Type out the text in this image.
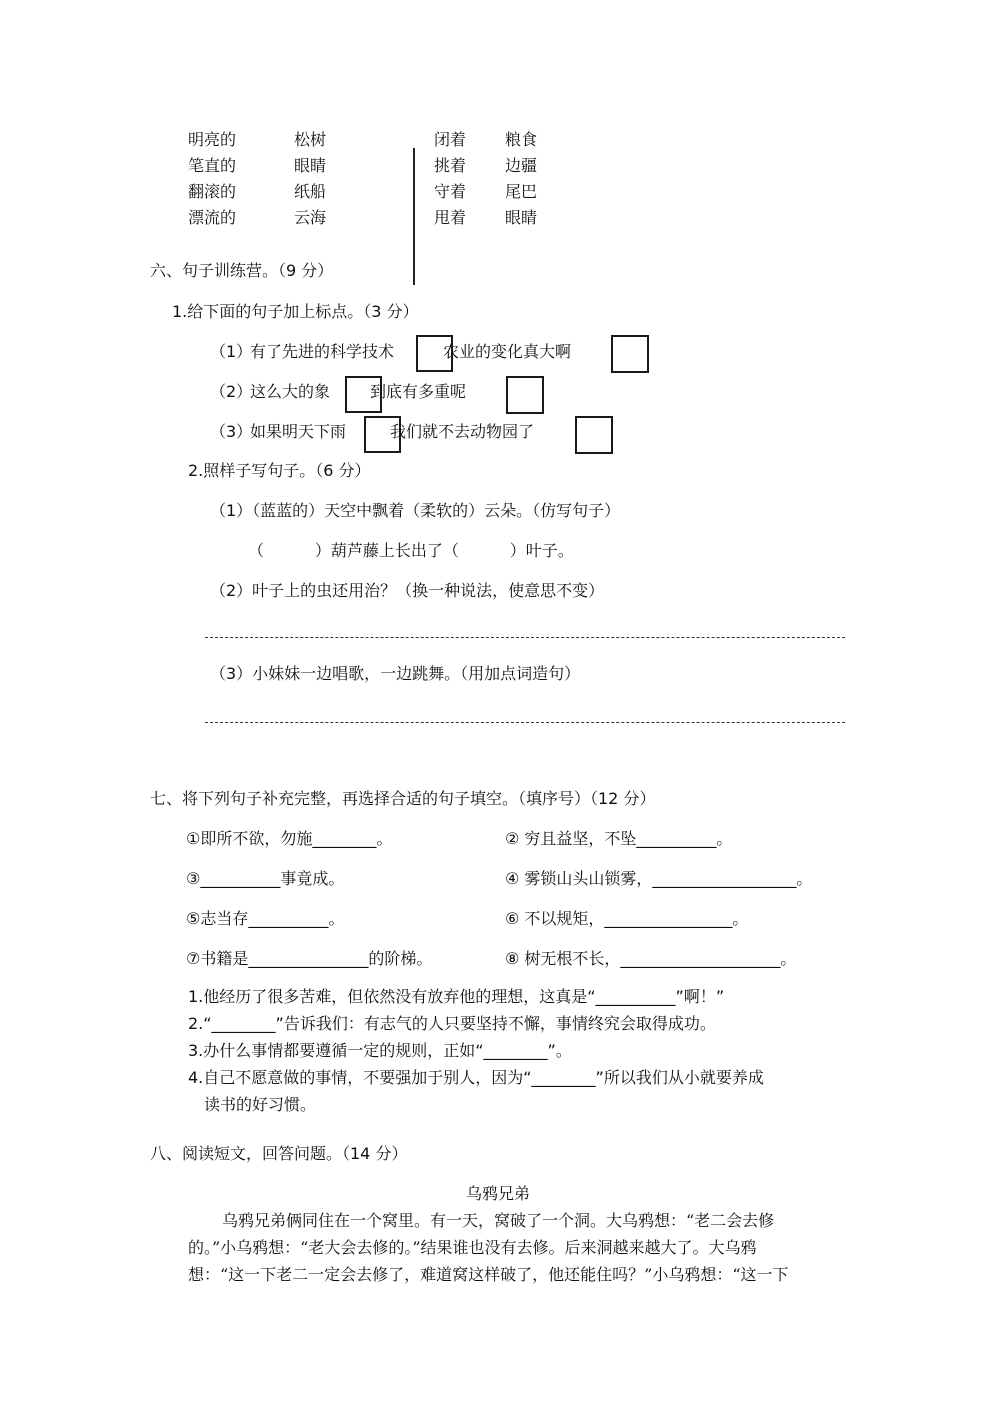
明亮的	松树
笔直的	眼睛
翻滚的	纸船
漂流的	云海
闭着 粮食
挑着 边疆
守着 尾巴
甩着 眼睛
六、句子训练营。（9 分）
1.给下面的句子加上标点。（3 分）
（1）
有了先进的科学技术	农业的变化真大啊
（2）
这么大的象 到底有多重呢
（3）
如果明天下雨	我们就不去动物园了
2.照样子写句子。（6 分）
（1）（蓝蓝的）天空中飘着（柔软的）云朵。（仿写句子）
（          ）葫芦藤上长出了（          ）叶子。
（2）叶子上的虫还用治？（换一种说法，使意思不变）
（3）小妹妹一边唱歌，一边跳舞。（用加点词造句）
七、将下列句子补充完整，再选择合适的句子填空。（填序号）（12 分）
①即所不欲，勿施________。	② 穷且益坚，不坠__________。
③__________事竟成。	④ 雾锁山头山锁雾，__________________。
⑤志当存__________。	⑥ 不以规矩，________________。
⑦书籍是_______________的阶梯。	⑧ 树无根不长，____________________。
1.他经历了很多苦难，但依然没有放弃他的理想，这真是“__________”啊！”
2.“________”告诉我们：有志气的人只要坚持不懈，事情终究会取得成功。
3.办什么事情都要遵循一定的规则，正如“________”。
4.自己不愿意做的事情，不要强加于别人，因为“________”所以我们从小就要养成
读书的好习惯。
八、阅读短文，回答问题。（14 分）
乌鸦兄弟
乌鸦兄弟俩同住在一个窝里。有一天，窝破了一个洞。大乌鸦想：“老二会去修
的。”小乌鸦想：“老大会去修的。”结果谁也没有去修。后来洞越来越大了。大乌鸦
想：“这一下老二一定会去修了，难道窝这样破了，他还能住吗？”小乌鸦想：“这一下
